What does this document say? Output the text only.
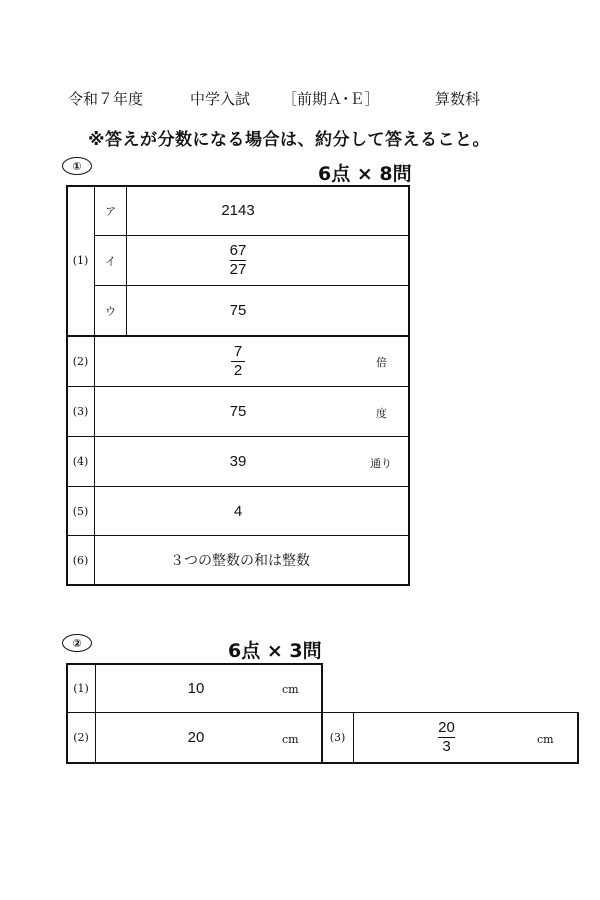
令和７年度	中学入試 ［前期Ａ･Ｅ］	算数科
※答えが分数になる場合は、約分して答えること。
①	6点 × 8問
(1)
ア	2143
イ	$\frac{67}{27}$
ウ	75
(2)	$\frac{7}{2}$	倍
(3)	75	度
(4)	39	通り
(5)	4
(6)	３つの整数の和は整数
②	6点 × 3問
(1)	10	cm
(2)	20	cm	(3)	$\frac{20}{3}$	cm
